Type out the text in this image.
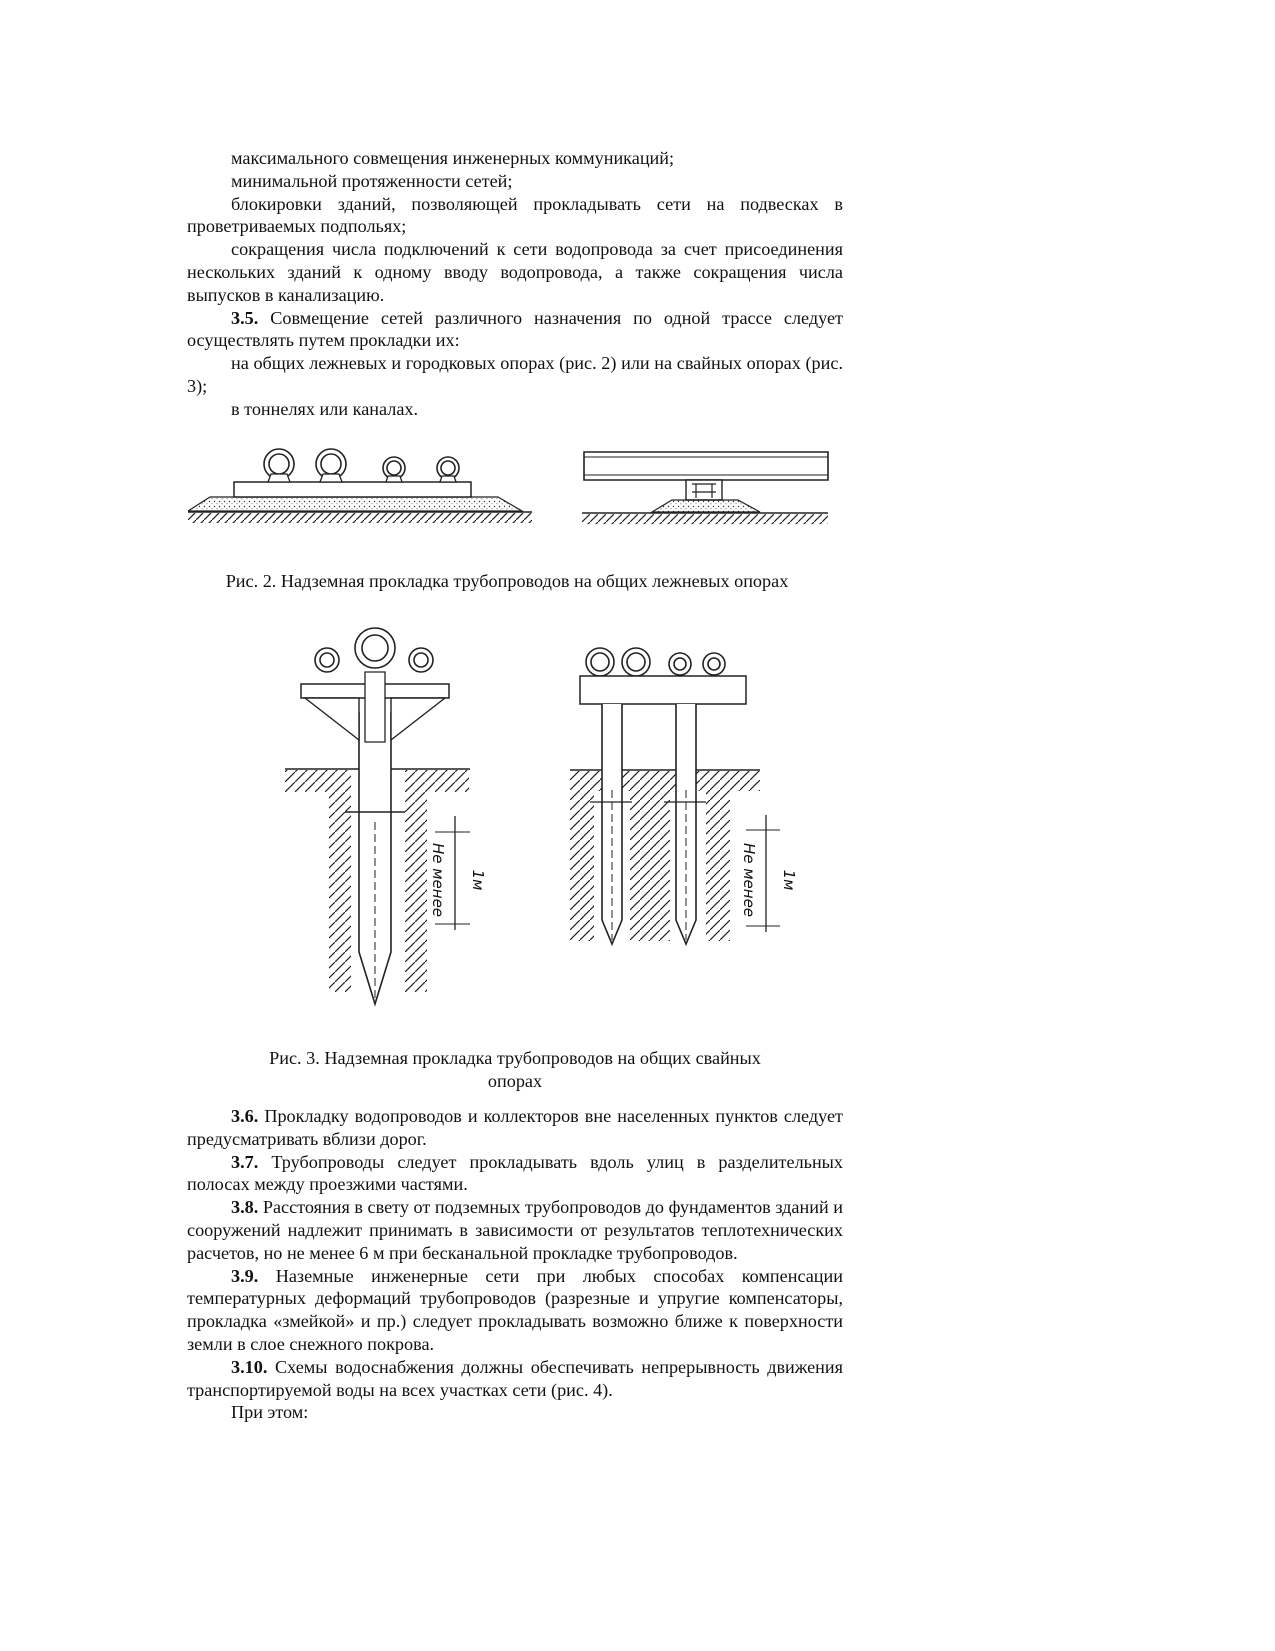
максимального совмещения инженерных коммуникаций;

минимальной протяженности сетей;

блокировки зданий, позволяющей прокладывать сети на подвесках в проветриваемых подпольях;

сокращения числа подключений к сети водопровода за счет присоединения нескольких зданий к одному вводу водопровода, а также сокращения числа выпусков в канализацию.

3.5. Совмещение сетей различного назначения по одной трассе следует осуществлять путем прокладки их:

на общих лежневых и городковых опорах (рис. 2) или на свайных опорах (рис. 3);

в тоннелях или каналах.

Рис. 2. Надземная прокладка трубопроводов на общих лежневых опорах
Не менее 1м	Не менее 1м
Рис. 3. Надземная прокладка трубопроводов на общих свайных
опорах

3.6. Прокладку водопроводов и коллекторов вне населенных пунктов следует предусматривать вблизи дорог.

3.7. Трубопроводы следует прокладывать вдоль улиц в разделительных полосах между проезжими частями.

3.8. Расстояния в свету от подземных трубопроводов до фундаментов зданий и сооружений надлежит принимать в зависимости от результатов теплотехнических расчетов, но не менее 6 м при бесканальной прокладке трубопроводов.

3.9. Наземные инженерные сети при любых способах компенсации температурных деформаций трубопроводов (разрезные и упругие компенсаторы, прокладка «змейкой» и пр.) следует прокладывать возможно ближе к поверхности земли в слое снежного покрова.

3.10. Схемы водоснабжения должны обеспечивать непрерывность движения транспортируемой воды на всех участках сети (рис. 4).

При этом:
